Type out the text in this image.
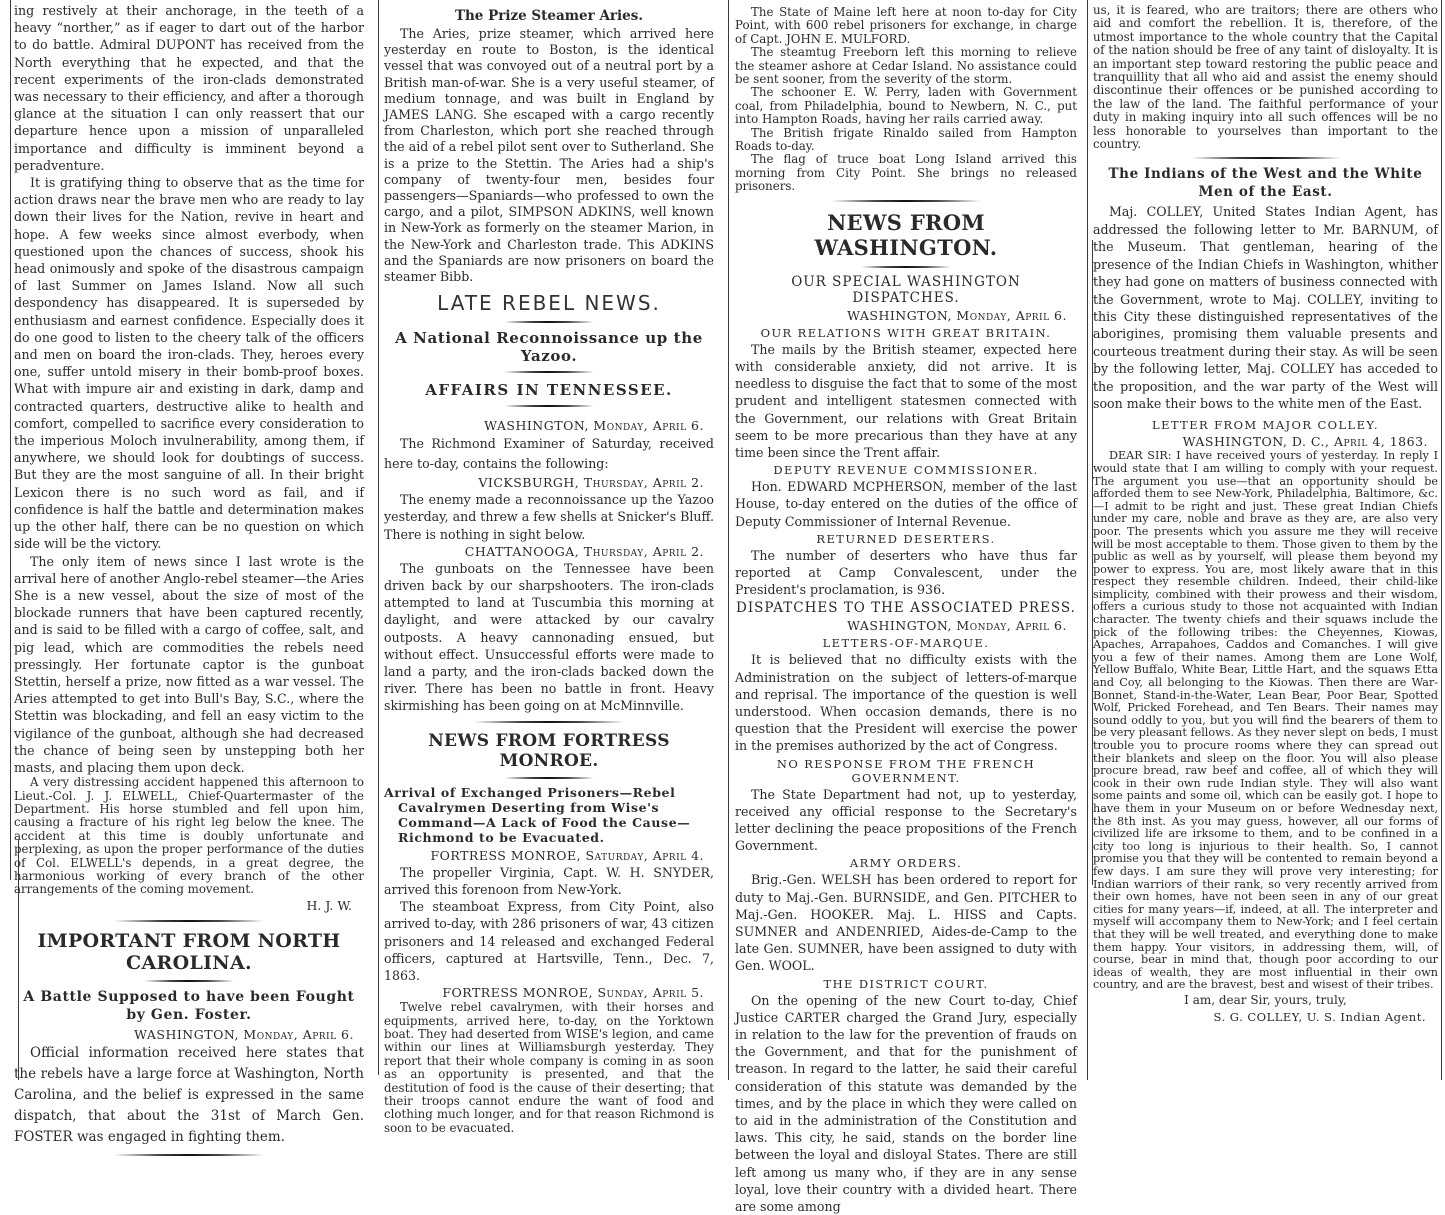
ing restively at their anchorage, in the teeth of a heavy “norther,” as if eager to dart out of the harbor to do battle. Admiral DUPONT has received from the North everything that he expected, and that the recent experiments of the iron-clads demonstrated was necessary to their efficiency, and after a thorough glance at the situation I can only reassert that our departure hence upon a mission of unparalleled importance and difficulty is imminent beyond a peradventure.

It is gratifying thing to observe that as the time for action draws near the brave men who are ready to lay down their lives for the Nation, revive in heart and hope. A few weeks since almost everbody, when questioned upon the chances of success, shook his head onimously and spoke of the disastrous campaign of last Summer on James Island. Now all such despondency has disappeared. It is superseded by enthusiasm and earnest confidence. Especially does it do one good to listen to the cheery talk of the officers and men on board the iron-clads. They, heroes every one, suffer untold misery in their bomb-proof boxes. What with impure air and existing in dark, damp and contracted quarters, destructive alike to health and comfort, compelled to sacrifice every consideration to the imperious Moloch invulnerability, among them, if anywhere, we should look for doubtings of success. But they are the most sanguine of all. In their bright Lexicon there is no such word as fail, and if confidence is half the battle and determination makes up the other half, there can be no question on which side will be the victory.

The only item of news since I last wrote is the arrival here of another Anglo-rebel steamer—the Aries She is a new vessel, about the size of most of the blockade runners that have been captured recently, and is said to be filled with a cargo of coffee, salt, and pig lead, which are commodities the rebels need pressingly. Her fortunate captor is the gunboat Stettin, herself a prize, now fitted as a war vessel. The Aries attempted to get into Bull's Bay, S.C., where the Stettin was blockading, and fell an easy victim to the vigilance of the gunboat, although she had decreased the chance of being seen by unstepping both her masts, and placing them upon deck.

A very distressing accident happened this afternoon to Lieut.-Col. J. J. ELWELL, Chief-Quartermaster of the Department. His horse stumbled and fell upon him, causing a fracture of his right leg below the knee. The accident at this time is doubly unfortunate and perplexing, as upon the proper performance of the duties of Col. ELWELL's depends, in a great degree, the harmonious working of every branch of the other arrangements of the coming movement.

H. J. W.

IMPORTANT FROM NORTH CAROLINA.
A Battle Supposed to have been Fought by Gen. Foster.

WASHINGTON, Monday, April 6.

Official information received here states that the rebels have a large force at Washington, North Carolina, and the belief is expressed in the same dispatch, that about the 31st of March Gen. FOSTER was engaged in fighting them.

The Prize Steamer Aries.

The Aries, prize steamer, which arrived here yesterday en route to Boston, is the identical vessel that was convoyed out of a neutral port by a British man-of-war. She is a very useful steamer, of medium tonnage, and was built in England by JAMES LANG. She escaped with a cargo recently from Charleston, which port she reached through the aid of a rebel pilot sent over to Sutherland. She is a prize to the Stettin. The Aries had a ship's company of twenty-four men, besides four passengers—Spaniards—who professed to own the cargo, and a pilot, SIMPSON ADKINS, well known in New-York as formerly on the steamer Marion, in the New-York and Charleston trade. This ADKINS and the Spaniards are now prisoners on board the steamer Bibb.

LATE REBEL NEWS.
A National Reconnoissance up the Yazoo.
AFFAIRS IN TENNESSEE.

WASHINGTON, Monday, April 6.

The Richmond Examiner of Saturday, received here to-day, contains the following:

VICKSBURGH, Thursday, April 2.

The enemy made a reconnoissance up the Yazoo yesterday, and threw a few shells at Snicker's Bluff. There is nothing in sight below.

CHATTANOOGA, Thursday, April 2.

The gunboats on the Tennessee have been driven back by our sharpshooters. The iron-clads attempted to land at Tuscumbia this morning at daylight, and were attacked by our cavalry outposts. A heavy cannonading ensued, but without effect. Unsuccessful efforts were made to land a party, and the iron-clads backed down the river. There has been no battle in front. Heavy skirmishing has been going on at McMinnville.

NEWS FROM FORTRESS MONROE.
Arrival of Exchanged Prisoners—Rebel Cavalrymen Deserting from Wise's Command—A Lack of Food the Cause—Richmond to be Evacuated.

FORTRESS MONROE, Saturday, April 4.

The propeller Virginia, Capt. W. H. SNYDER, arrived this forenoon from New-York.

The steamboat Express, from City Point, also arrived to-day, with 286 prisoners of war, 43 citizen prisoners and 14 released and exchanged Federal officers, captured at Hartsville, Tenn., Dec. 7, 1863.

FORTRESS MONROE, Sunday, April 5.

Twelve rebel cavalrymen, with their horses and equipments, arrived here, to-day, on the Yorktown boat. They had deserted from WISE's legion, and came within our lines at Williamsburgh yesterday. They report that their whole company is coming in as soon as an opportunity is presented, and that the destitution of food is the cause of their deserting; that their troops cannot endure the want of food and clothing much longer, and for that reason Richmond is soon to be evacuated.

The State of Maine left here at noon to-day for City Point, with 600 rebel prisoners for exchange, in charge of Capt. JOHN E. MULFORD.

The steamtug Freeborn left this morning to relieve the steamer ashore at Cedar Island. No assistance could be sent sooner, from the severity of the storm.

The schooner E. W. Perry, laden with Government coal, from Philadelphia, bound to Newbern, N. C., put into Hampton Roads, having her rails carried away.

The British frigate Rinaldo sailed from Hampton Roads to-day.

The flag of truce boat Long Island arrived this morning from City Point. She brings no released prisoners.

NEWS FROM WASHINGTON.
OUR SPECIAL WASHINGTON DISPATCHES.

WASHINGTON, Monday, April 6.

OUR RELATIONS WITH GREAT BRITAIN.

The mails by the British steamer, expected here with considerable anxiety, did not arrive. It is needless to disguise the fact that to some of the most prudent and intelligent statesmen connected with the Government, our relations with Great Britain seem to be more precarious than they have at any time been since the Trent affair.

DEPUTY REVENUE COMMISSIONER.

Hon. EDWARD MCPHERSON, member of the last House, to-day entered on the duties of the office of Deputy Commissioner of Internal Revenue.

RETURNED DESERTERS.

The number of deserters who have thus far reported at Camp Convalescent, under the President's proclamation, is 936.

DISPATCHES TO THE ASSOCIATED PRESS.

WASHINGTON, Monday, April 6.

LETTERS-OF-MARQUE.

It is believed that no difficulty exists with the Administration on the subject of letters-of-marque and reprisal. The importance of the question is well understood. When occasion demands, there is no question that the President will exercise the power in the premises authorized by the act of Congress.

NO RESPONSE FROM THE FRENCH GOVERNMENT.

The State Department had not, up to yesterday, received any official response to the Secretary's letter declining the peace propositions of the French Government.

ARMY ORDERS.

Brig.-Gen. WELSH has been ordered to report for duty to Maj.-Gen. BURNSIDE, and Gen. PITCHER to Maj.-Gen. HOOKER. Maj. L. HISS and Capts. SUMNER and ANDENRIED, Aides-de-Camp to the late Gen. SUMNER, have been assigned to duty with Gen. WOOL.

THE DISTRICT COURT.

On the opening of the new Court to-day, Chief Justice CARTER charged the Grand Jury, especially in relation to the law for the prevention of frauds on the Government, and that for the punishment of treason. In regard to the latter, he said their careful consideration of this statute was demanded by the times, and by the place in which they were called on to aid in the administration of the Constitution and laws. This city, he said, stands on the border line between the loyal and disloyal States. There are still left among us many who, if they are in any sense loyal, love their country with a divided heart. There are some among

us, it is feared, who are traitors; there are others who aid and comfort the rebellion. It is, therefore, of the utmost importance to the whole country that the Capital of the nation should be free of any taint of disloyalty. It is an important step toward restoring the public peace and tranquillity that all who aid and assist the enemy should discontinue their offences or be punished according to the law of the land. The faithful performance of your duty in making inquiry into all such offences will be no less honorable to yourselves than important to the country.

The Indians of the West and the White Men of the East.

Maj. COLLEY, United States Indian Agent, has addressed the following letter to Mr. BARNUM, of the Museum. That gentleman, hearing of the presence of the Indian Chiefs in Washington, whither they had gone on matters of business connected with the Government, wrote to Maj. COLLEY, inviting to this City these distinguished representatives of the aborigines, promising them valuable presents and courteous treatment during their stay. As will be seen by the following letter, Maj. COLLEY has acceded to the proposition, and the war party of the West will soon make their bows to the white men of the East.

LETTER FROM MAJOR COLLEY.

WASHINGTON, D. C., April 4, 1863.

DEAR SIR: I have received yours of yesterday. In reply I would state that I am willing to comply with your request. The argument you use—that an opportunity should be afforded them to see New-York, Philadelphia, Baltimore, &c.—I admit to be right and just. These great Indian Chiefs under my care, noble and brave as they are, are also very poor. The presents which you assure me they will receive will be most acceptable to them. Those given to them by the public as well as by yourself, will please them beyond my power to express. You are, most likely aware that in this respect they resemble children. Indeed, their child-like simplicity, combined with their prowess and their wisdom, offers a curious study to those not acquainted with Indian character. The twenty chiefs and their squaws include the pick of the following tribes: the Cheyennes, Kiowas, Apaches, Arrapahoes, Caddos and Comanches. I will give you a few of their names. Among them are Lone Wolf, Yellow Buffalo, White Bear, Little Hart, and the squaws Etta and Coy, all belonging to the Kiowas. Then there are War-Bonnet, Stand-in-the-Water, Lean Bear, Poor Bear, Spotted Wolf, Pricked Forehead, and Ten Bears. Their names may sound oddly to you, but you will find the bearers of them to be very pleasant fellows. As they never slept on beds, I must trouble you to procure rooms where they can spread out their blankets and sleep on the floor. You will also please procure bread, raw beef and coffee, all of which they will cook in their own rude Indian style. They will also want some paints and some oil, which can be easily got. I hope to have them in your Museum on or before Wednesday next, the 8th inst. As you may guess, however, all our forms of civilized life are irksome to them, and to be confined in a city too long is injurious to their health. So, I cannot promise you that they will be contented to remain beyond a few days. I am sure they will prove very interesting; for Indian warriors of their rank, so very recently arrived from their own homes, have not been seen in any of our great cities for many years—if, indeed, at all. The interpreter and myself will accompany them to New-York; and I feel certain that they will be well treated, and everything done to make them happy. Your visitors, in addressing them, will, of course, bear in mind that, though poor according to our ideas of wealth, they are most influential in their own country, and are the bravest, best and wisest of their tribes.

I am, dear Sir, yours, truly,

S. G. COLLEY, U. S. Indian Agent.
